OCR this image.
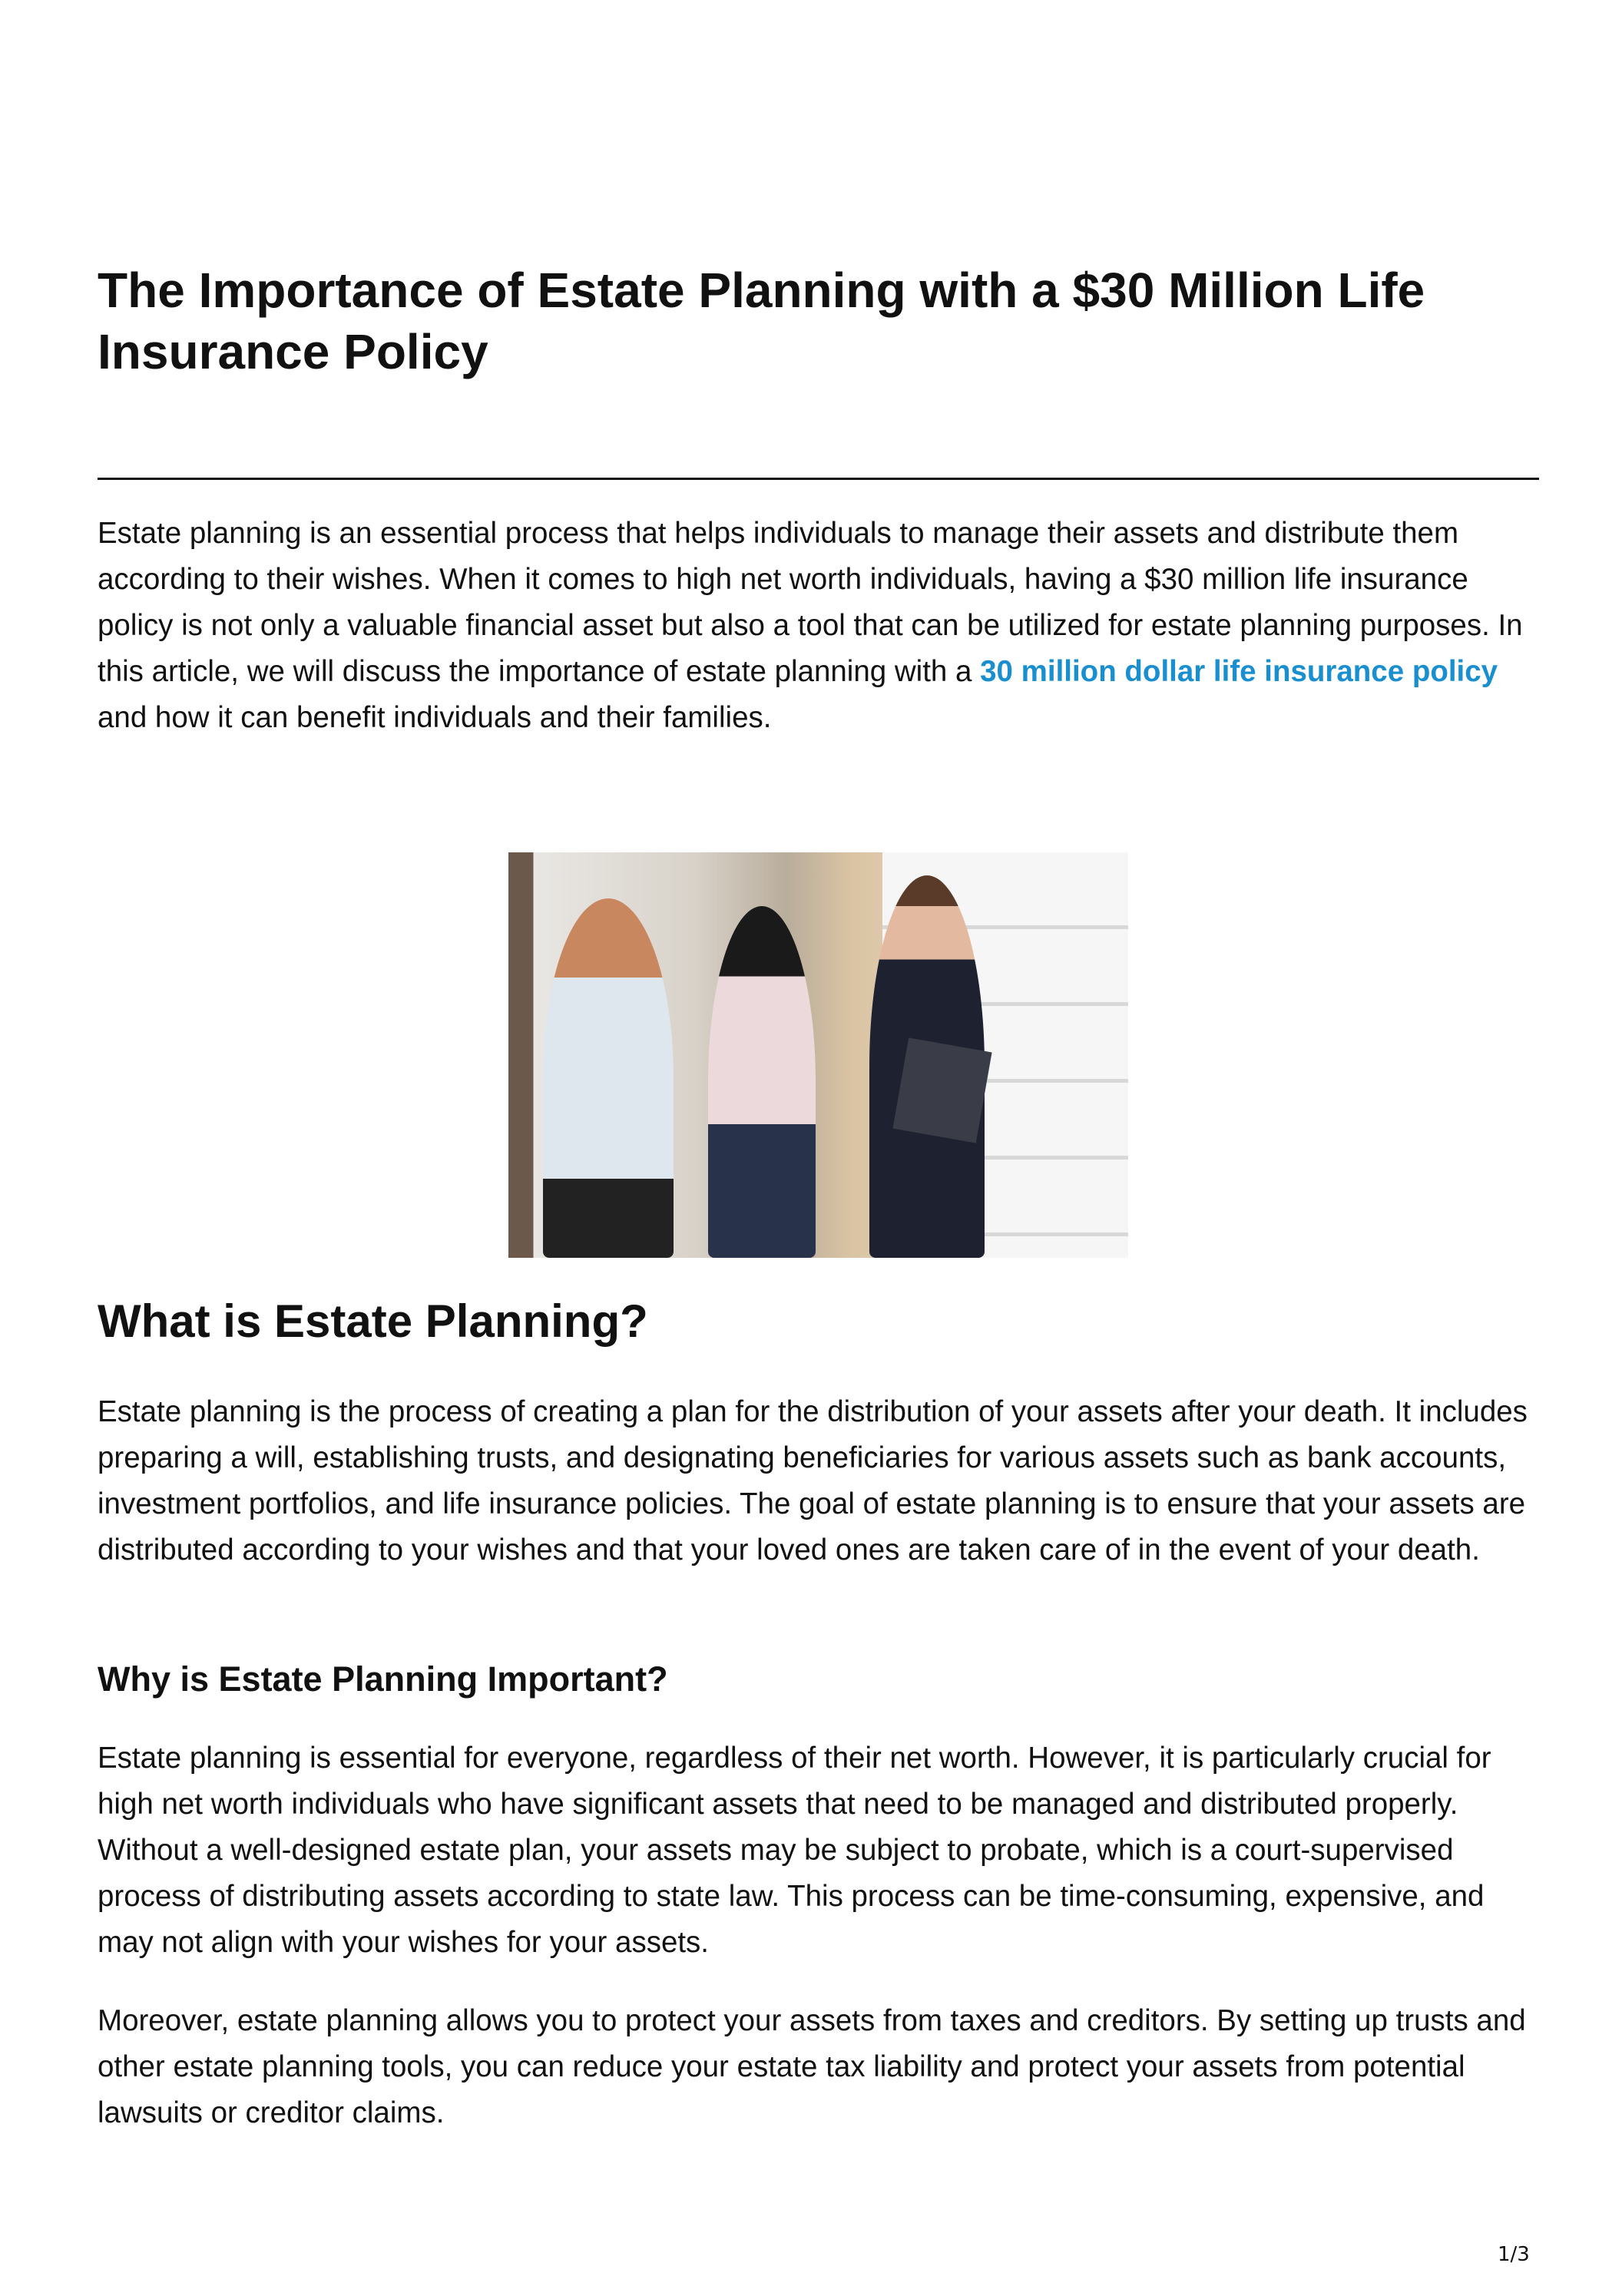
The Importance of Estate Planning with a $30 Million Life Insurance Policy

Estate planning is an essential process that helps individuals to manage their assets and distribute them according to their wishes. When it comes to high net worth individuals, having a $30 million life insurance policy is not only a valuable financial asset but also a tool that can be utilized for estate planning purposes. In this article, we will discuss the importance of estate planning with a 30 million dollar life insurance policy and how it can benefit individuals and their families.

What is Estate Planning?

Estate planning is the process of creating a plan for the distribution of your assets after your death. It includes preparing a will, establishing trusts, and designating beneficiaries for various assets such as bank accounts, investment portfolios, and life insurance policies. The goal of estate planning is to ensure that your assets are distributed according to your wishes and that your loved ones are taken care of in the event of your death.

Why is Estate Planning Important?

Estate planning is essential for everyone, regardless of their net worth. However, it is particularly crucial for high net worth individuals who have significant assets that need to be managed and distributed properly. Without a well-designed estate plan, your assets may be subject to probate, which is a court-supervised process of distributing assets according to state law. This process can be time-consuming, expensive, and may not align with your wishes for your assets.

Moreover, estate planning allows you to protect your assets from taxes and creditors. By setting up trusts and other estate planning tools, you can reduce your estate tax liability and protect your assets from potential lawsuits or creditor claims.

1/3
